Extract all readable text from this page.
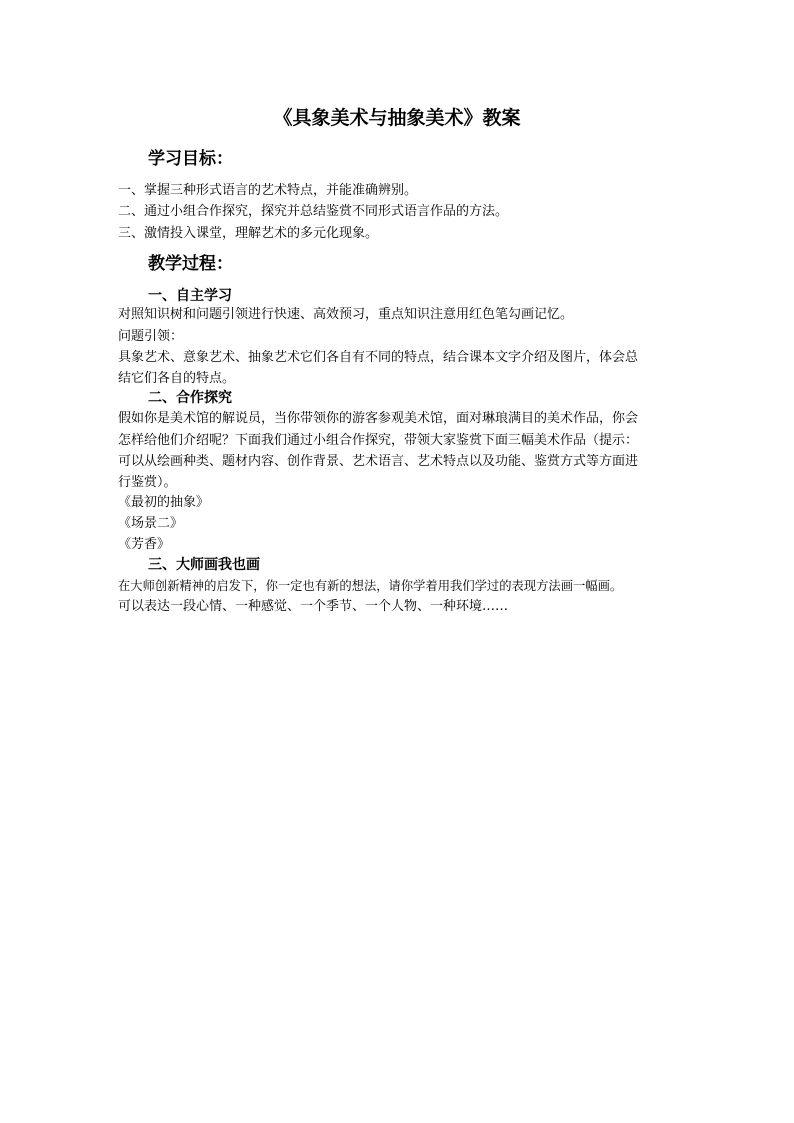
《具象美术与抽象美术》教案
学习目标：
一、掌握三种形式语言的艺术特点，并能准确辨别。
二、通过小组合作探究，探究并总结鉴赏不同形式语言作品的方法。
三、激情投入课堂，理解艺术的多元化现象。
教学过程：
一、自主学习
对照知识树和问题引领进行快速、高效预习，重点知识注意用红色笔勾画记忆。
问题引领：
具象艺术、意象艺术、抽象艺术它们各自有不同的特点，结合课本文字介绍及图片，体会总
结它们各自的特点。
二、合作探究
假如你是美术馆的解说员，当你带领你的游客参观美术馆，面对琳琅满目的美术作品，你会
怎样给他们介绍呢？下面我们通过小组合作探究，带领大家鉴赏下面三幅美术作品（提示：
可以从绘画种类、题材内容、创作背景、艺术语言、艺术特点以及功能、鉴赏方式等方面进
行鉴赏）。
《最初的抽象》
《场景二》
《芳香》
三、大师画我也画
在大师创新精神的启发下，你一定也有新的想法，请你学着用我们学过的表现方法画一幅画。
可以表达一段心情、一种感觉、一个季节、一个人物、一种环境……
